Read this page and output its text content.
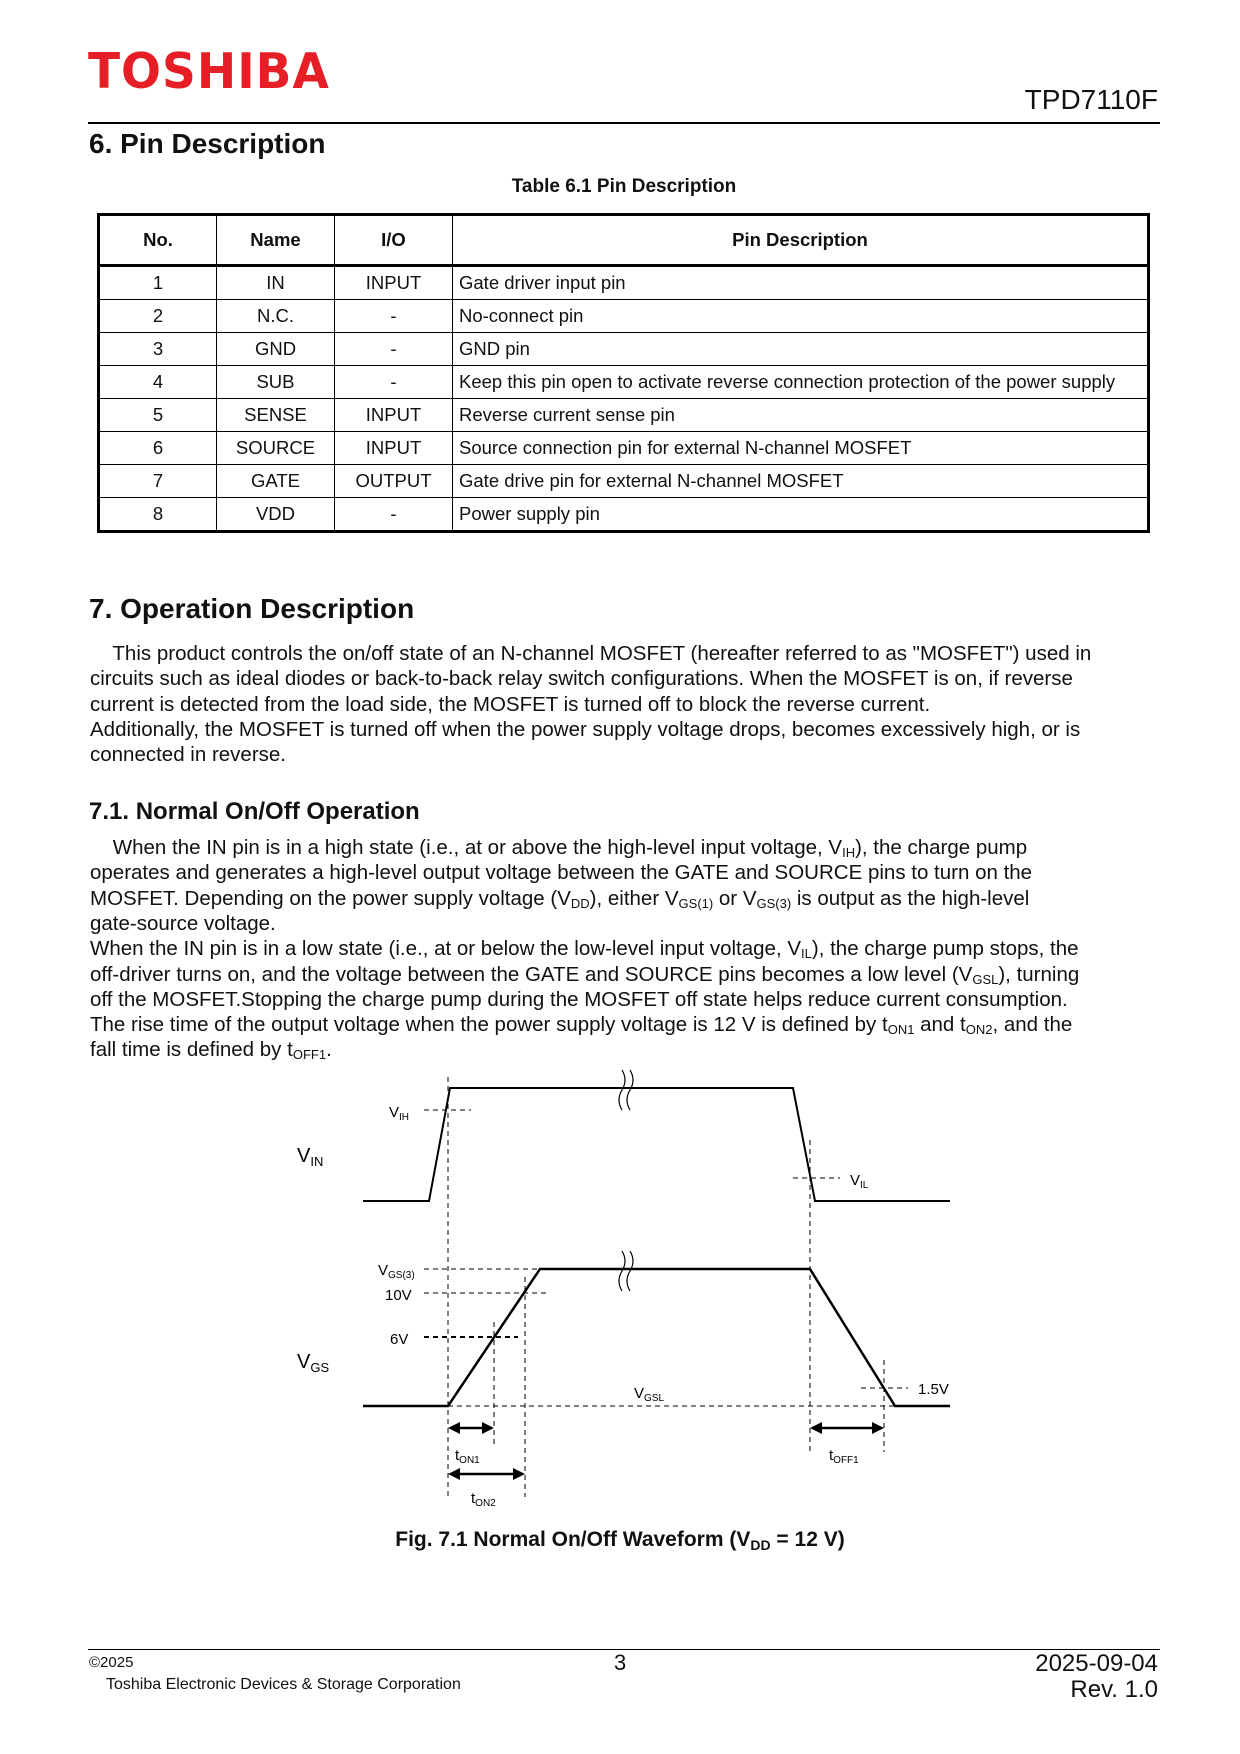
TOSHIBA	TPD7110F
6. Pin Description
Table 6.1 Pin Description
No.	Name	I/O	Pin Description
1	IN	INPUT	Gate driver input pin
2	N.C.	-	No-connect pin
3	GND	-	GND pin
4	SUB	-	Keep this pin open to activate reverse connection protection of the power supply
5	SENSE	INPUT	Reverse current sense pin
6	SOURCE	INPUT	Source connection pin for external N-channel MOSFET
7	GATE	OUTPUT	Gate drive pin for external N-channel MOSFET
8	VDD	-	Power supply pin
7. Operation Description
This product controls the on/off state of an N-channel MOSFET (hereafter referred to as "MOSFET") used in
circuits such as ideal diodes or back-to-back relay switch configurations. When the MOSFET is on, if reverse
current is detected from the load side, the MOSFET is turned off to block the reverse current.
Additionally, the MOSFET is turned off when the power supply voltage drops, becomes excessively high, or is
connected in reverse.
7.1. Normal On/Off Operation
When the IN pin is in a high state (i.e., at or above the high-level input voltage, $V_{IH}$), the charge pump
operates and generates a high-level output voltage between the GATE and SOURCE pins to turn on the
MOSFET. Depending on the power supply voltage $(V_{DD})$, either $V_{GS(1)}$ or $V_{GS(3)}$ is output as the high-level
gate-source voltage.
When the IN pin is in a low state (i.e., at or below the low-level input voltage, $V_{IL}$), the charge pump stops, the
off-driver turns on, and the voltage between the GATE and SOURCE pins becomes a low level $(V_{GSL})$, turning
off the MOSFET.Stopping the charge pump during the MOSFET off state helps reduce current consumption.
The rise time of the output voltage when the power supply voltage is 12 V is defined by $t_{ON1}$ and $t_{ON2}$, and the
fall time is defined by $t_{OFF1}$.
$V_{IN}$
$V_{GS}$
$V_{IH}$
$V_{IL}$
$V_{GS(3)}$
10V
6V
1.5V
$V_{GSL}$
$t_{ON1}$
$t_{ON2}$
$t_{OFF1}$
Fig. 7.1 Normal On/Off Waveform ($V_{DD} = 12$ V)
©2025
Toshiba Electronic Devices & Storage Corporation
3	2025-09-04
Rev. 1.0
